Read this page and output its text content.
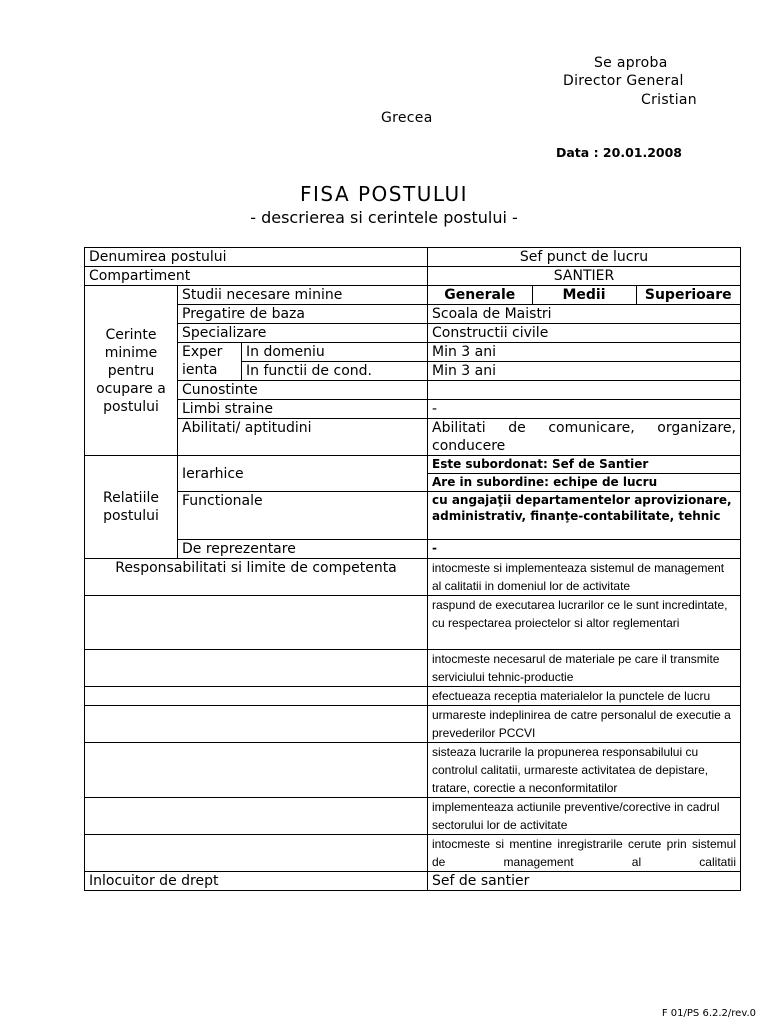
Se aproba
Director General
Cristian
Grecea
Data : 20.01.2008
FISA POSTULUI
- descrierea si cerintele postului -
Denumirea postului	Sef punct de lucru
Compartiment	SANTIER
Cerinte minime pentru ocupare a postului	Studii necesare minine		Generale	Medii	Superioare

Pregatire de baza	Scoala de Maistri
Specializare	Constructii civile
Exper ienta	In domeniu	Min 3 ani
In functii de cond.	Min 3 ani
Cunostinte	
Limbi straine	-
Abilitati/ aptitudini	Abilitati de comunicare, organizare, conducere
Relatiile postului	Ierarhice	Este subordonat: Sef de Santier
Are in subordine: echipe de lucru
Functionale	cu angajaţii departamentelor aprovizionare, administrativ, finanţe-contabilitate, tehnic
De reprezentare	-
Responsabilitati si limite de competenta	intocmeste si implementeaza sistemul de management al calitatii in domeniul lor de activitate
	raspund de executarea lucrarilor ce le sunt incredintate, cu respectarea proiectelor si altor reglementari
	intocmeste necesarul de materiale pe care il transmite serviciului tehnic-productie
	efectueaza receptia materialelor la punctele de lucru
	urmareste indeplinirea de catre personalul de executie a prevederilor PCCVI
	sisteaza lucrarile la propunerea responsabilului cu controlul calitatii, urmareste activitatea de depistare, tratare, corectie a neconformitatilor
	implementeaza actiunile preventive/corective in cadrul sectorului lor de activitate
	intocmeste si mentine inregistrarile cerute prin sistemul de management al calitatii
Inlocuitor de drept	Sef de santier
F 01/PS 6.2.2/rev.0
